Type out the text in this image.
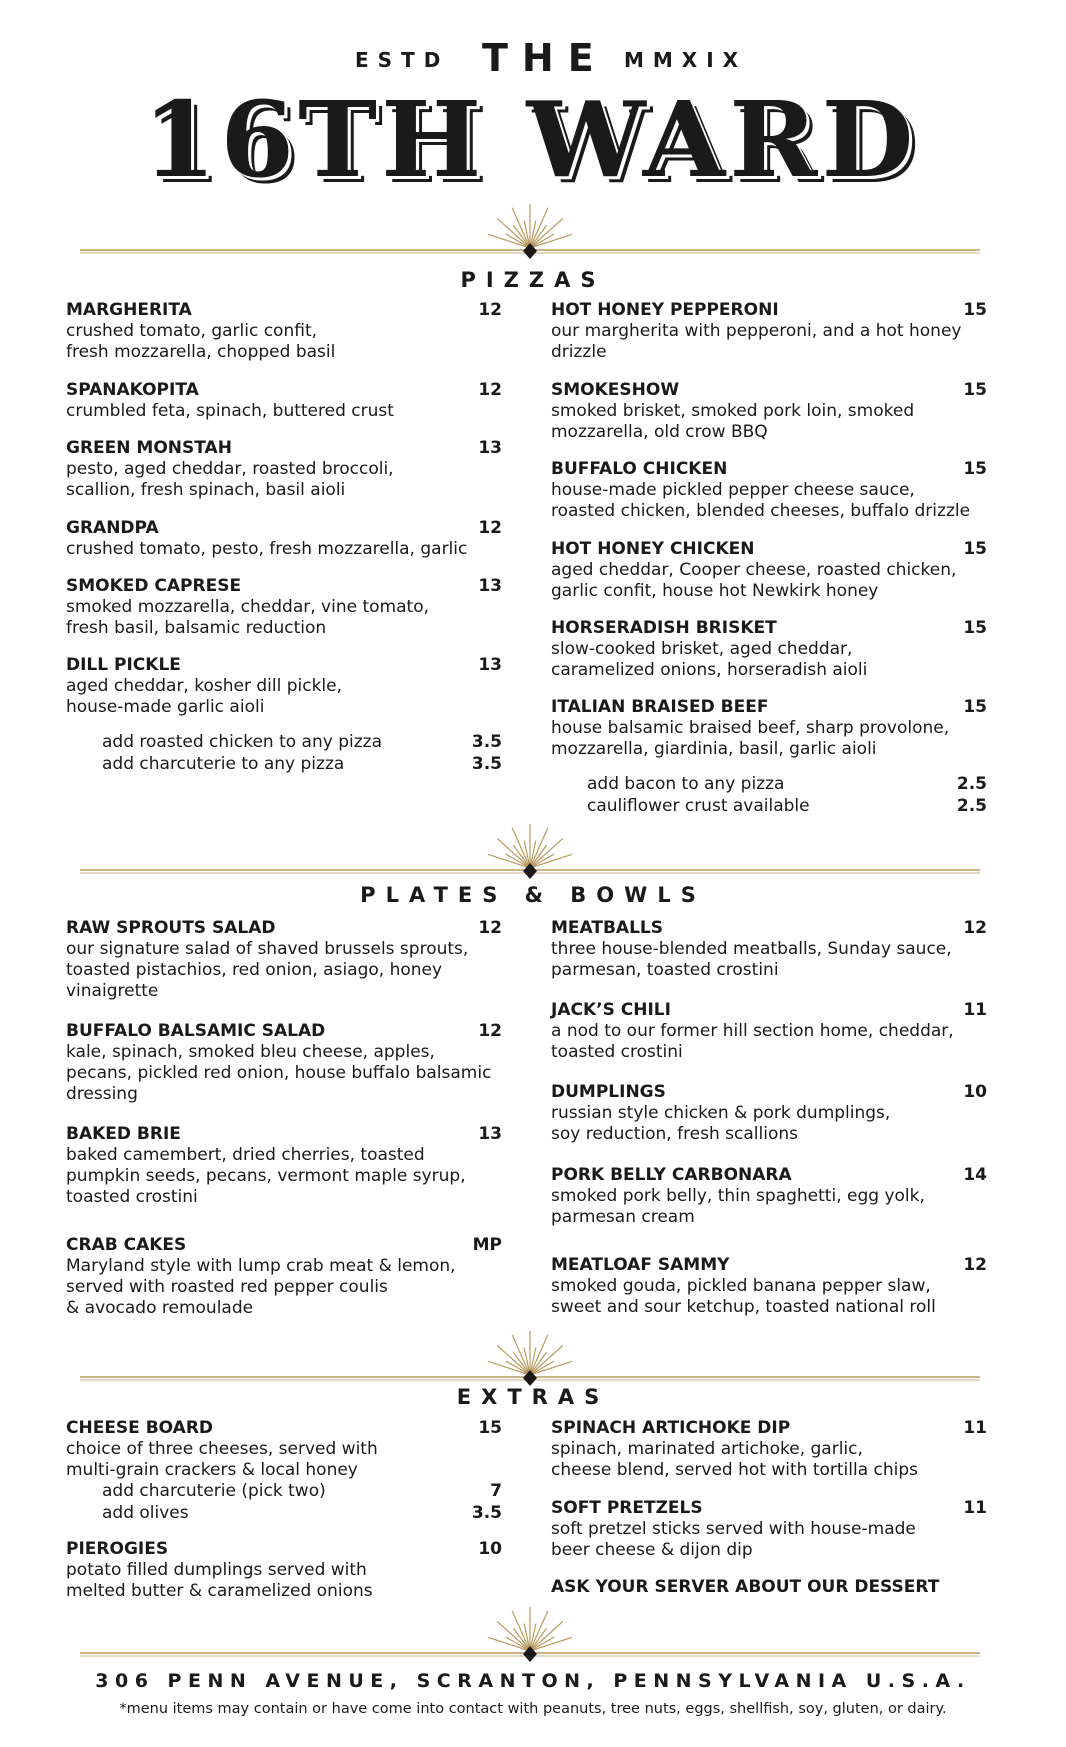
ESTD THE MMXIX
16TH WARD
PIZZAS
MARGHERITA	12
crushed tomato, garlic confit,
fresh mozzarella, chopped basil
SPANAKOPITA	12
crumbled feta, spinach, buttered crust
GREEN MONSTAH	13
pesto, aged cheddar, roasted broccoli,
scallion, fresh spinach, basil aioli
GRANDPA	12
crushed tomato, pesto, fresh mozzarella, garlic
SMOKED CAPRESE	13
smoked mozzarella, cheddar, vine tomato,
fresh basil, balsamic reduction
DILL PICKLE	13
aged cheddar, kosher dill pickle,
house-made garlic aioli
add roasted chicken to any pizza	3.5
add charcuterie to any pizza	3.5
HOT HONEY PEPPERONI	15
our margherita with pepperoni, and a hot honey
drizzle
SMOKESHOW	15
smoked brisket, smoked pork loin, smoked
mozzarella, old crow BBQ
BUFFALO CHICKEN	15
house-made pickled pepper cheese sauce,
roasted chicken, blended cheeses, buffalo drizzle
HOT HONEY CHICKEN	15
aged cheddar, Cooper cheese, roasted chicken,
garlic confit, house hot Newkirk honey
HORSERADISH BRISKET	15
slow-cooked brisket, aged cheddar,
caramelized onions, horseradish aioli
ITALIAN BRAISED BEEF	15
house balsamic braised beef, sharp provolone,
mozzarella, giardinia, basil, garlic aioli
add bacon to any pizza	2.5
cauliflower crust available	2.5
PLATES & BOWLS
RAW SPROUTS SALAD	12
our signature salad of shaved brussels sprouts,
toasted pistachios, red onion, asiago, honey
vinaigrette
BUFFALO BALSAMIC SALAD	12
kale, spinach, smoked bleu cheese, apples,
pecans, pickled red onion, house buffalo balsamic
dressing
BAKED BRIE	13
baked camembert, dried cherries, toasted
pumpkin seeds, pecans, vermont maple syrup,
toasted crostini
CRAB CAKES	MP
Maryland style with lump crab meat & lemon,
served with roasted red pepper coulis
& avocado remoulade
MEATBALLS	12
three house-blended meatballs, Sunday sauce,
parmesan, toasted crostini
JACK’S CHILI	11
a nod to our former hill section home, cheddar,
toasted crostini
DUMPLINGS	10
russian style chicken & pork dumplings,
soy reduction, fresh scallions
PORK BELLY CARBONARA	14
smoked pork belly, thin spaghetti, egg yolk,
parmesan cream
MEATLOAF SAMMY	12
smoked gouda, pickled banana pepper slaw,
sweet and sour ketchup, toasted national roll
EXTRAS
CHEESE BOARD	15
choice of three cheeses, served with
multi-grain crackers & local honey
add charcuterie (pick two)	7
add olives	3.5
PIEROGIES	10
potato filled dumplings served with
melted butter & caramelized onions
SPINACH ARTICHOKE DIP	11
spinach, marinated artichoke, garlic,
cheese blend, served hot with tortilla chips
SOFT PRETZELS	11
soft pretzel sticks served with house-made
beer cheese & dijon dip
ASK YOUR SERVER ABOUT OUR DESSERT
306 PENN AVENUE, SCRANTON, PENNSYLVANIA U.S.A.
*menu items may contain or have come into contact with peanuts, tree nuts, eggs, shellfish, soy, gluten, or dairy.
